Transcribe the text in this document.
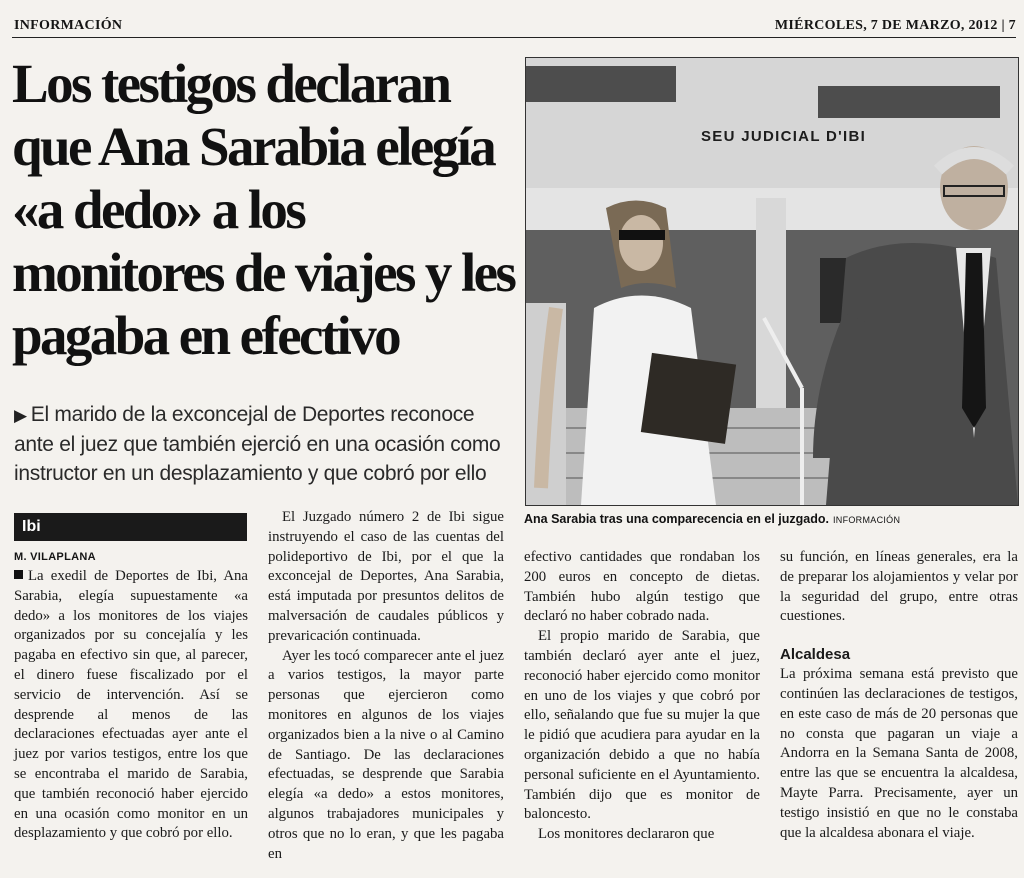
INFORMACIÓN	MIÉRCOLES, 7 DE MARZO, 2012 | 7
Los testigos declaran que Ana Sarabia elegía «a dedo» a los monitores de viajes y les pagaba en efectivo
▶ El marido de la exconcejal de Deportes reconoce ante el juez que también ejerció en una ocasión como instructor en un desplazamiento y que cobró por ello
SEU JUDICIAL D'IBI
Ana Sarabia tras una comparecencia en el juzgado. INFORMACIÓN
Ibi
M. VILAPLANA

La exedil de Deportes de Ibi, Ana Sarabia, elegía supuestamente «a dedo» a los monitores de los viajes organizados por su concejalía y les pagaba en efectivo sin que, al parecer, el dinero fuese fiscalizado por el servicio de intervención. Así se desprende al menos de las declaraciones efectuadas ayer ante el juez por varios testigos, entre los que se encontraba el marido de Sarabia, que también reconoció haber ejercido en una ocasión como monitor en un desplazamiento y que cobró por ello.

El Juzgado número 2 de Ibi sigue instruyendo el caso de las cuentas del polideportivo de Ibi, por el que la exconcejal de Deportes, Ana Sarabia, está imputada por presuntos delitos de malversación de caudales públicos y prevaricación continuada.

Ayer les tocó comparecer ante el juez a varios testigos, la mayor parte personas que ejercieron como monitores en algunos de los viajes organizados bien a la nive o al Camino de Santiago. De las declaraciones efectuadas, se desprende que Sarabia elegía «a dedo» a estos monitores, algunos trabajadores municipales y otros que no lo eran, y que les pagaba en

efectivo cantidades que rondaban los 200 euros en concepto de dietas. También hubo algún testigo que declaró no haber cobrado nada.

El propio marido de Sarabia, que también declaró ayer ante el juez, reconoció haber ejercido como monitor en uno de los viajes y que cobró por ello, señalando que fue su mujer la que le pidió que acudiera para ayudar en la organización debido a que no había personal suficiente en el Ayuntamiento. También dijo que es monitor de baloncesto.

Los monitores declararon que

su función, en líneas generales, era la de preparar los alojamientos y velar por la seguridad del grupo, entre otras cuestiones.

Alcaldesa

La próxima semana está previsto que continúen las declaraciones de testigos, en este caso de más de 20 personas que no consta que pagaran un viaje a Andorra en la Semana Santa de 2008, entre las que se encuentra la alcaldesa, Mayte Parra. Precisamente, ayer un testigo insistió en que no le constaba que la alcaldesa abonara el viaje.
